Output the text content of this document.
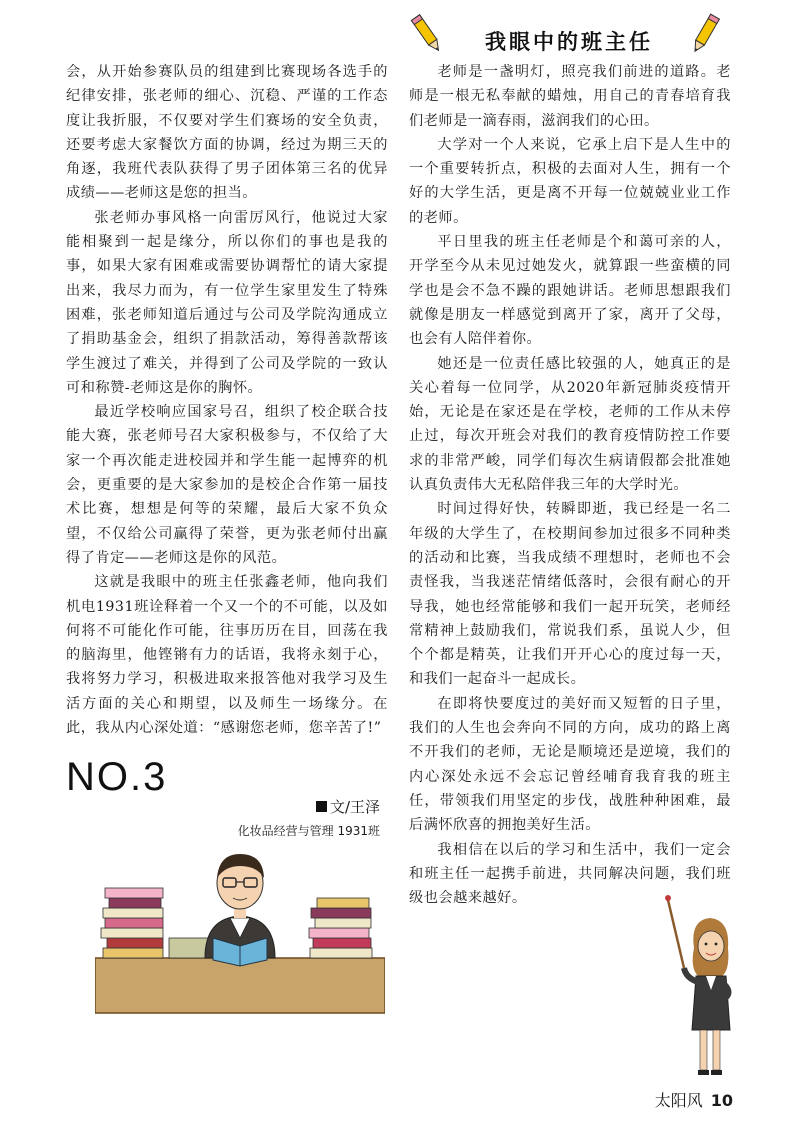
我眼中的班主任

会，从开始参赛队员的组建到比赛现场各选手的纪律安排，张老师的细心、沉稳、严谨的工作态度让我折服，不仅要对学生们赛场的安全负责，还要考虑大家餐饮方面的协调，经过为期三天的角逐，我班代表队获得了男子团体第三名的优异成绩——老师这是您的担当。

张老师办事风格一向雷厉风行，他说过大家能相聚到一起是缘分，所以你们的事也是我的事，如果大家有困难或需要协调帮忙的请大家提出来，我尽力而为，有一位学生家里发生了特殊困难，张老师知道后通过与公司及学院沟通成立了捐助基金会，组织了捐款活动，筹得善款帮该学生渡过了难关，并得到了公司及学院的一致认可和称赞-老师这是你的胸怀。

最近学校响应国家号召，组织了校企联合技能大赛，张老师号召大家积极参与，不仅给了大家一个再次能走进校园并和学生能一起博弈的机会，更重要的是大家参加的是校企合作第一届技术比赛，想想是何等的荣耀，最后大家不负众望，不仅给公司赢得了荣誉，更为张老师付出赢得了肯定——老师这是你的风范。

这就是我眼中的班主任张鑫老师，他向我们机电1931班诠释着一个又一个的不可能，以及如何将不可能化作可能，往事历历在目，回荡在我的脑海里，他铿锵有力的话语，我将永刻于心，我将努力学习，积极进取来报答他对我学习及生活方面的关心和期望，以及师生一场缘分。在此，我从内心深处道：“感谢您老师，您辛苦了!”

NO.3
文/王泽
化妆品经营与管理 1931班

老师是一盏明灯，照亮我们前进的道路。老师是一根无私奉献的蜡烛，用自己的青春培育我们老师是一滴春雨，滋润我们的心田。

大学对一个人来说，它承上启下是人生中的一个重要转折点，积极的去面对人生，拥有一个好的大学生活，更是离不开每一位兢兢业业工作的老师。

平日里我的班主任老师是个和蔼可亲的人，开学至今从未见过她发火，就算跟一些蛮横的同学也是会不急不躁的跟她讲话。老师思想跟我们就像是朋友一样感觉到离开了家，离开了父母，也会有人陪伴着你。

她还是一位责任感比较强的人，她真正的是关心着每一位同学，从2020年新冠肺炎疫情开始，无论是在家还是在学校，老师的工作从未停止过，每次开班会对我们的教育疫情防控工作要求的非常严峻，同学们每次生病请假都会批准她认真负责伟大无私陪伴我三年的大学时光。

时间过得好快，转瞬即逝，我已经是一名二年级的大学生了，在校期间参加过很多不同种类的活动和比赛，当我成绩不理想时，老师也不会责怪我，当我迷茫情绪低落时，会很有耐心的开导我，她也经常能够和我们一起开玩笑，老师经常精神上鼓励我们，常说我们系，虽说人少，但个个都是精英，让我们开开心心的度过每一天，和我们一起奋斗一起成长。

在即将快要度过的美好而又短暂的日子里，我们的人生也会奔向不同的方向，成功的路上离不开我们的老师，无论是顺境还是逆境，我们的内心深处永远不会忘记曾经哺育我育我的班主任，带领我们用坚定的步伐，战胜种种困难，最后满怀欣喜的拥抱美好生活。

我相信在以后的学习和生活中，我们一定会和班主任一起携手前进，共同解决问题，我们班级也会越来越好。

太阳风 10
